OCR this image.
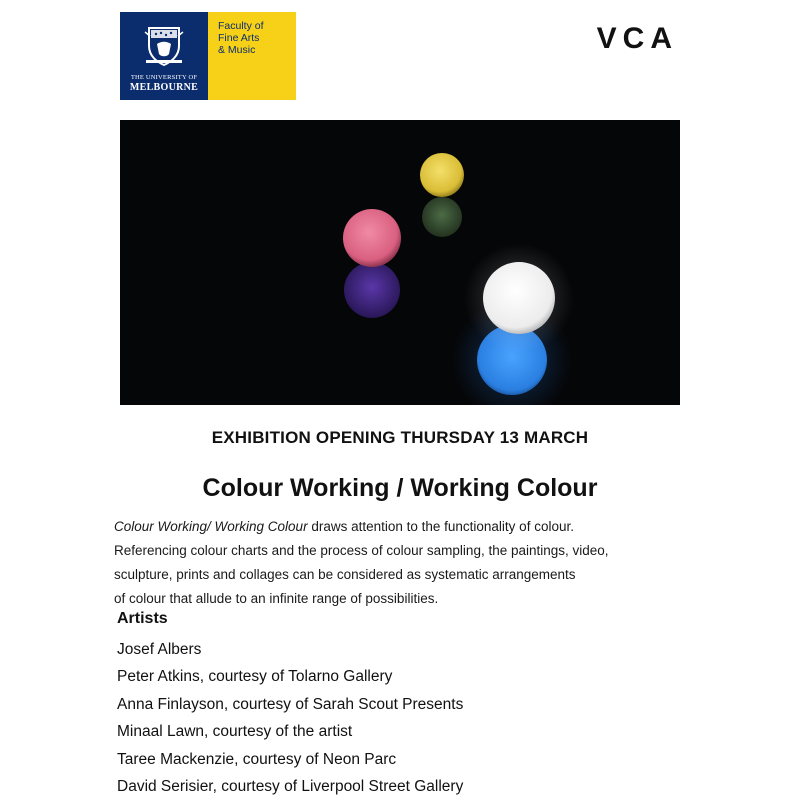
THE UNIVERSITY OF
MELBOURNE
Faculty of
Fine Arts
& Music	VCA
EXHIBITION OPENING THURSDAY 13 MARCH
Colour Working / Working Colour

Colour Working/ Working Colour draws attention to the functionality of colour.

Referencing colour charts and the process of colour sampling, the paintings, video,

sculpture, prints and collages can be considered as systematic arrangements

of colour that allude to an infinite range of possibilities.

Artists
Josef Albers
Peter Atkins, courtesy of Tolarno Gallery
Anna Finlayson, courtesy of Sarah Scout Presents
Minaal Lawn, courtesy of the artist
Taree Mackenzie, courtesy of Neon Parc
David Serisier, courtesy of Liverpool Street Gallery
